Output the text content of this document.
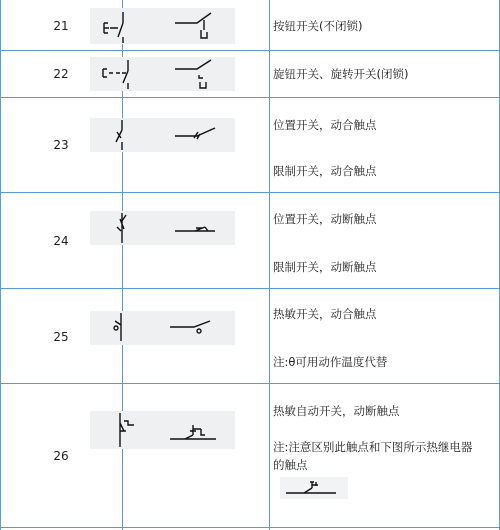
21	按钮开关(不闭锁)
22	旋钮开关、旋转开关(闭锁)
23
位置开关，动合触点
限制开关，动合触点
24
位置开关，动断触点
限制开关，动断触点
25
热敏开关，动合触点
注:θ可用动作温度代替
26
热敏自动开关，动断触点
注:注意区别此触点和下图所示热继电器的触点
